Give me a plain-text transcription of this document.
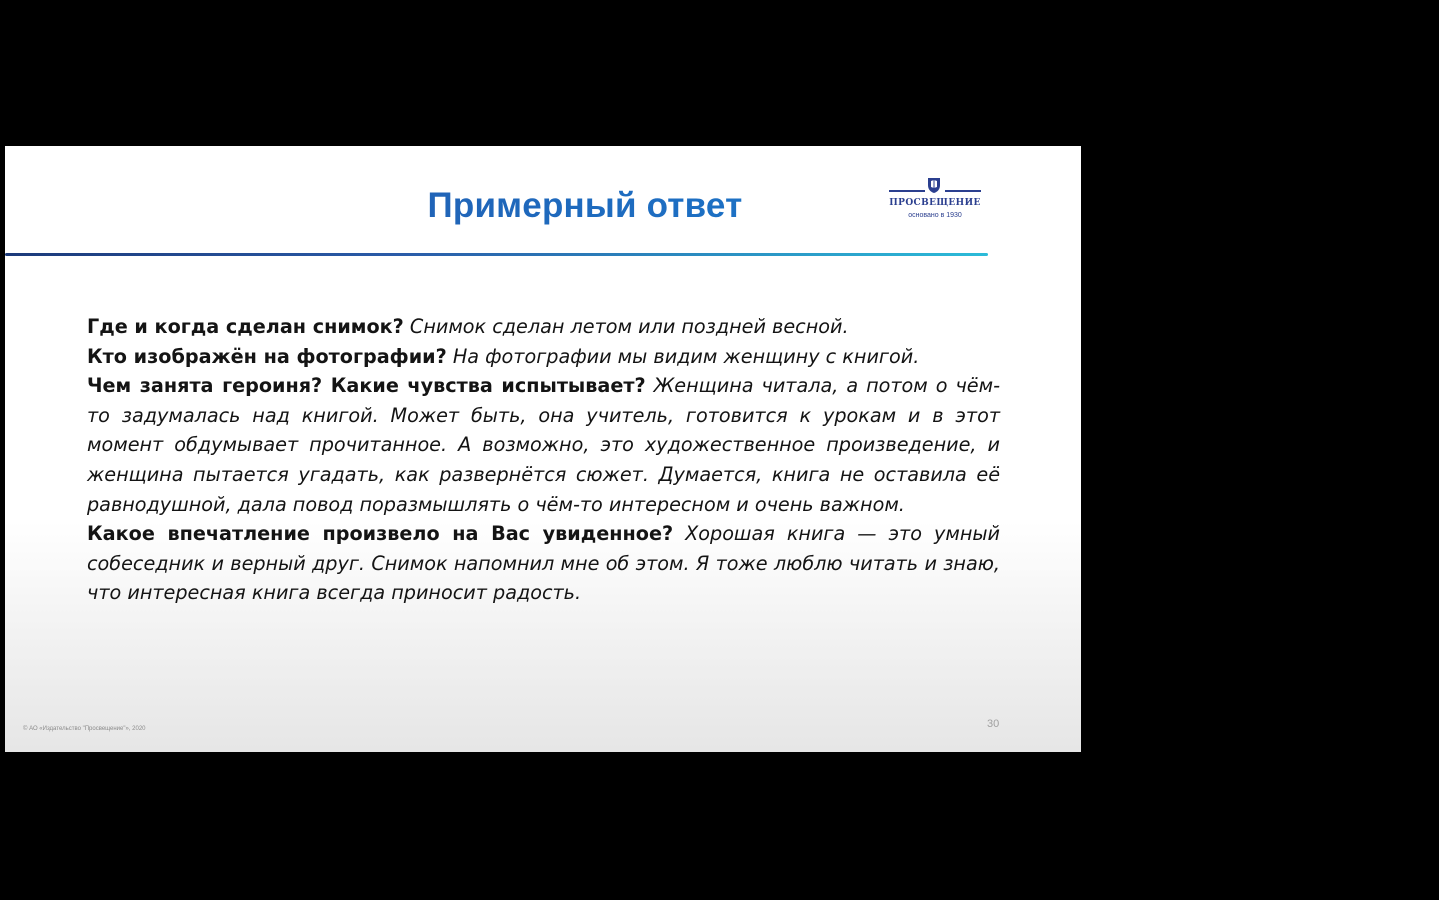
Примерный ответ	ПРОСВЕЩЕНИЕ
основано в 1930

Где и когда сделан снимок? Снимок сделан летом или поздней весной.

Кто изображён на фотографии? На фотографии мы видим женщину с книгой.

Чем занята героиня? Какие чувства испытывает? Женщина читала, а потом о чём-то задумалась над книгой. Может быть, она учитель, готовится к урокам и в этот момент обдумывает прочитанное. А возможно, это художественное произведение, и женщина пытается угадать, как развернётся сюжет. Думается, книга не оставила её равнодушной, дала повод поразмышлять о чём-то интересном и очень важном.

Какое впечатление произвело на Вас увиденное? Хорошая книга — это умный собеседник и верный друг. Снимок напомнил мне об этом. Я тоже люблю читать и знаю, что интересная книга всегда приносит радость.

© АО «Издательство "Просвещение"», 2020	30
